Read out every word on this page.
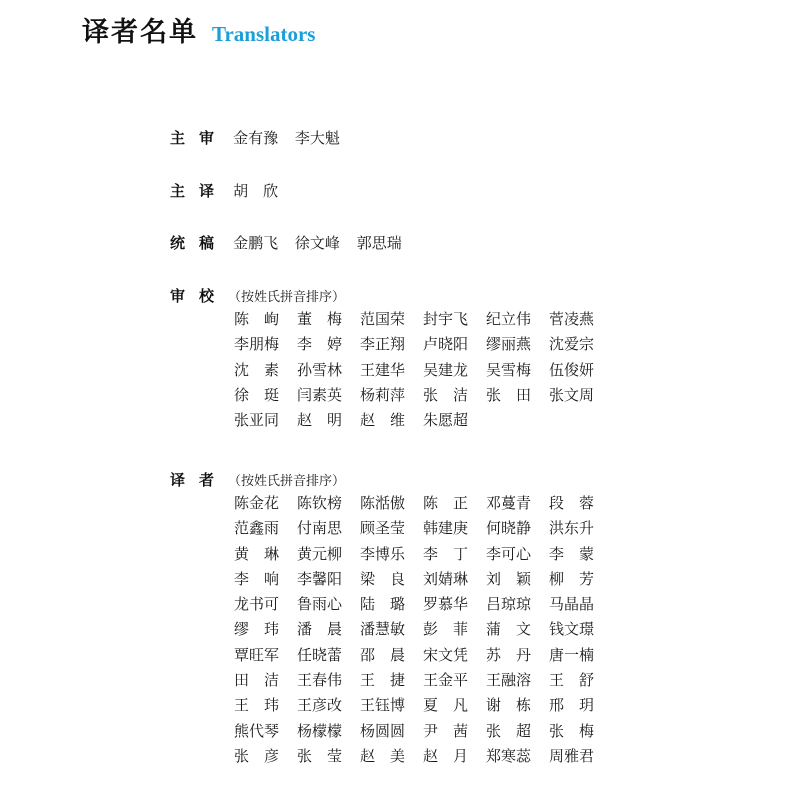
译者名单 Translators
主审 金有豫 李大魁
主译 胡　欣
统稿 金鹏飞 徐文峰 郭思瑞
审校（按姓氏拼音排序）
陈　峋	董　梅	范国荣	封宇飞	纪立伟	菅凌燕
李朋梅	李　婷	李正翔	卢晓阳	缪丽燕	沈爱宗
沈　素	孙雪林	王建华	吴建龙	吴雪梅	伍俊妍
徐　珽	闫素英	杨莉萍	张　洁	张　田	张文周
张亚同	赵　明	赵　维	朱愿超
译者（按姓氏拼音排序）
陈金花	陈钦榜	陈湉傲	陈　正	邓蔓青	段　蓉
范鑫雨	付南思	顾圣莹	韩建庚	何晓静	洪东升
黄　琳	黄元柳	李博乐	李　丁	李可心	李　蒙
李　响	李馨阳	梁　良	刘婧琳	刘　颖	柳　芳
龙书可	鲁雨心	陆　璐	罗慕华	吕琼琼	马晶晶
缪　玮	潘　晨	潘慧敏	彭　菲	蒲　文	钱文璟
覃旺军	任晓蕾	邵　晨	宋文凭	苏　丹	唐一楠
田　洁	王春伟	王　捷	王金平	王融溶	王　舒
王　玮	王彦改	王钰博	夏　凡	谢　栋	邢　玥
熊代琴	杨檬檬	杨圆圆	尹　茜	张　超	张　梅
张　彦	张　莹	赵　美	赵　月	郑寒蕊	周雅君
